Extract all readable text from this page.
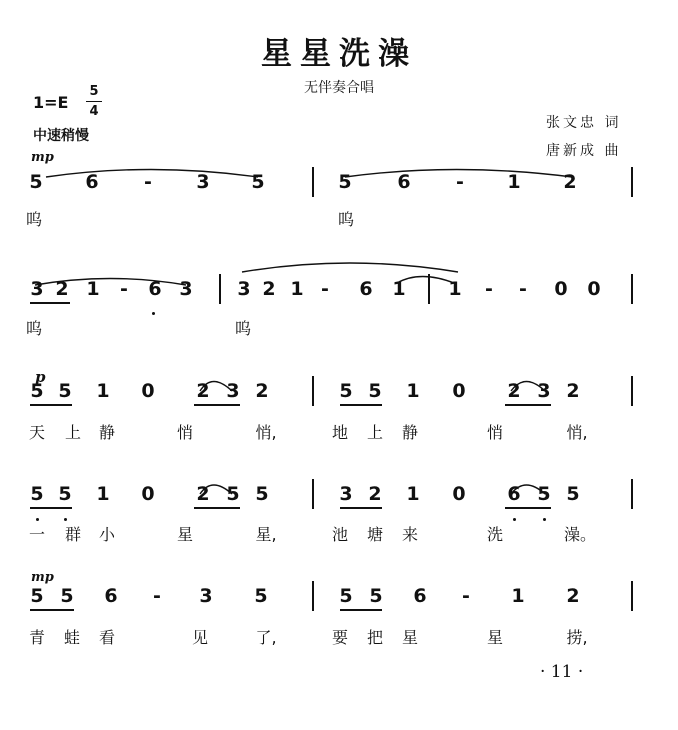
星星洗澡
无伴奏合唱
1=E
5
4
中速稍慢
张文忠 词
唐新成 曲
mp
p
mp
5 6	-	3 5	5 6	-	1 2
呜	呜
3 2 1	-	6 3 3 2 1 -	6 1 1	-	-	0 0
呜	呜
5 5 1 0 2 3 2	5 5 1 0 2 3 2
天	上	静	悄	悄,	地	上	静	悄	悄,
5 5 1 0 2 5 5	3 2 1 0 6 5 5
一	群	小	星	星,	池	塘	来	洗	澡。
5 5 6	-	3 5	5 5 6	-	1 2
青	蛙	看	见	了,	要	把	星	星	捞,
· 11 ·
